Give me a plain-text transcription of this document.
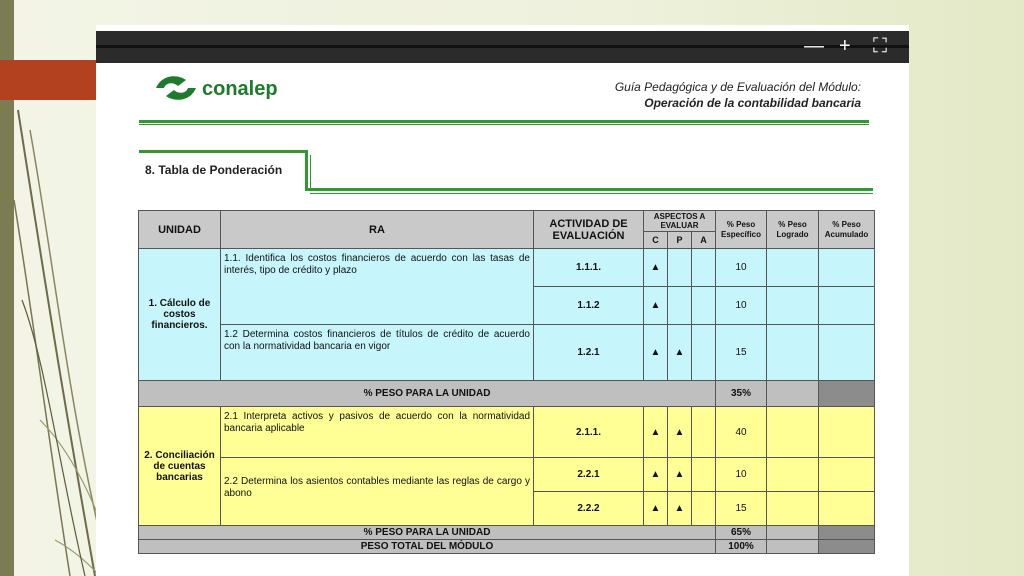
— + ⛶
conalep	Guía Pedagógica y de Evaluación del Módulo:
Operación de la contabilidad bancaria
8. Tabla de Ponderación
UNIDAD	RA	ACTIVIDAD DE EVALUACIÓN	ASPECTOS A EVALUAR			% Peso Específico	% Peso Logrado	% Peso Acumulado
			C	P	A			
1. Cálculo de costos financieros.	1.1. Identifica los costos financieros de acuerdo con las tasas de interés, tipo de crédito y plazo	1.1.1.	▲			10		
		1.1.2	▲			10		
	1.2 Determina costos financieros de títulos de crédito de acuerdo con la normatividad bancaria en vigor	1.2.1	▲	▲		15		
% PESO PARA LA UNIDAD						35%		
2. Conciliación de cuentas bancarias	2.1 Interpreta activos y pasivos de acuerdo con la normatividad bancaria aplicable	2.1.1.	▲	▲		40		
	2.2 Determina los asientos contables mediante las reglas de cargo y abono	2.2.1	▲	▲		10		
		2.2.2	▲	▲		15		
% PESO PARA LA UNIDAD						65%		
PESO TOTAL DEL MÓDULO						100%		
